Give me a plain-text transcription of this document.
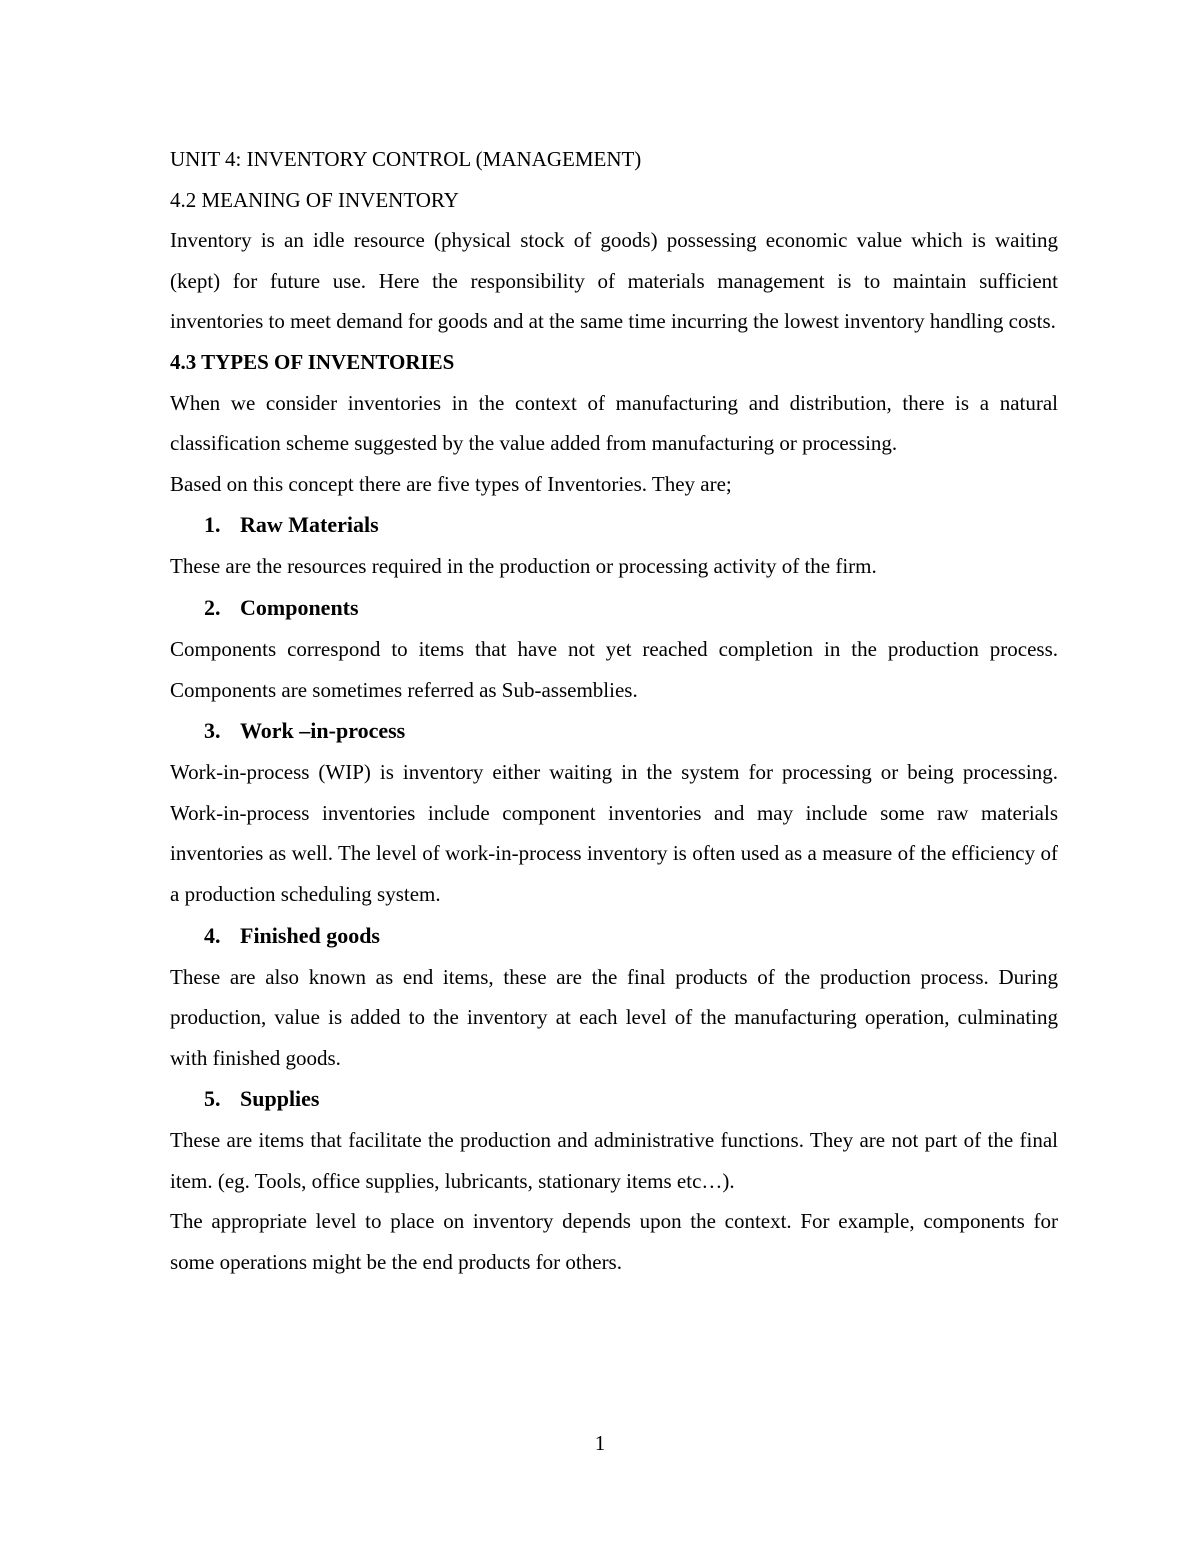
UNIT 4: INVENTORY CONTROL (MANAGEMENT)
4.2 MEANING OF INVENTORY

Inventory is an idle resource (physical stock of goods) possessing economic value which is waiting (kept) for future use. Here the responsibility of materials management is to maintain sufficient inventories to meet demand for goods and at the same time incurring the lowest inventory handling costs.

4.3 TYPES OF INVENTORIES

When we consider inventories in the context of manufacturing and distribution, there is a natural classification scheme suggested by the value added from manufacturing or processing.

Based on this concept there are five types of Inventories. They are;

1. Raw Materials

These are the resources required in the production or processing activity of the firm.

2. Components

Components correspond to items that have not yet reached completion in the production process. Components are sometimes referred as Sub-assemblies.

3. Work –in-process

Work-in-process (WIP) is inventory either waiting in the system for processing or being processing. Work-in-process inventories include component inventories and may include some raw materials inventories as well. The level of work-in-process inventory is often used as a measure of the efficiency of a production scheduling system.

4. Finished goods

These are also known as end items, these are the final products of the production process. During production, value is added to the inventory at each level of the manufacturing operation, culminating with finished goods.

5. Supplies

These are items that facilitate the production and administrative functions. They are not part of the final item. (eg. Tools, office supplies, lubricants, stationary items etc…).

The appropriate level to place on inventory depends upon the context. For example, components for some operations might be the end products for others.

1
